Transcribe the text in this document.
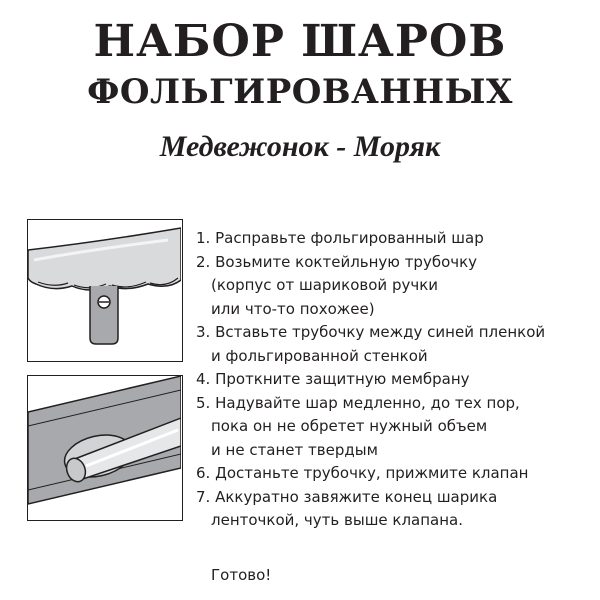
НАБОР ШАРОВ
ФОЛЬГИРОВАННЫХ
Медвежонок - Моряк
1. Расправьте фольгированный шар
2. Возьмите коктейльную трубочку
(корпус от шариковой ручки
или что-то похожее)
3. Вставьте трубочку между синей пленкой
и фольгированной стенкой
4. Проткните защитную мембрану
5. Надувайте шар медленно, до тех пор,
пока он не обретет нужный объем
и не станет твердым
6. Достаньте трубочку, прижмите клапан
7. Аккуратно завяжите конец шарика
ленточкой, чуть выше клапана.
Готово!
